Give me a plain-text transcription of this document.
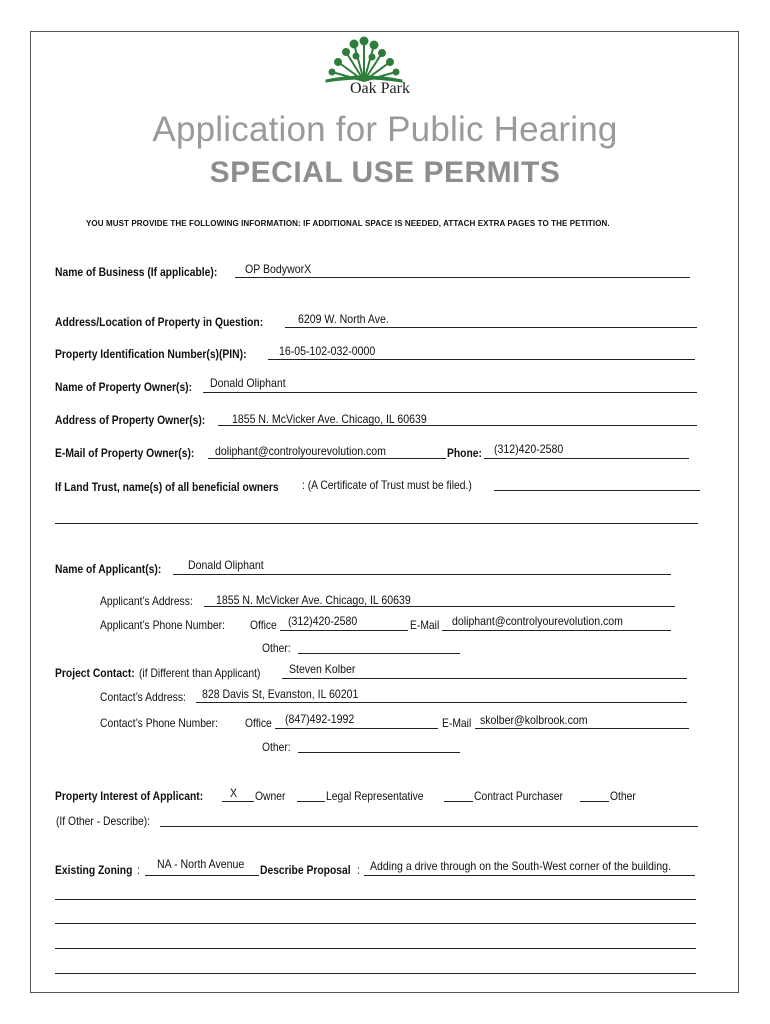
Oak Park
Application for Public Hearing
SPECIAL USE PERMITS
YOU MUST PROVIDE THE FOLLOWING INFORMATION: IF ADDITIONAL SPACE IS NEEDED, ATTACH EXTRA PAGES TO THE PETITION.
Name of Business (If applicable): OP BodyworX
Address/Location of Property in Question:	6209 W. North Ave.
Property Identification Number(s)(PIN):	16-05-102-032-0000
Name of Property Owner(s): Donald Oliphant
Address of Property Owner(s): 1855 N. McVicker Ave. Chicago, IL 60639
E-Mail of Property Owner(s): doliphant@controlyourevolution.com	Phone: (312)420-2580
If Land Trust, name(s) of all beneficial owners	: (A Certificate of Trust must be filed.)
Name of Applicant(s): Donald Oliphant
Applicant’s Address: 1855 N. McVicker Ave. Chicago, IL 60639
Applicant’s Phone Number: Office (312)420-2580	E-Mail doliphant@controlyourevolution.com
Other:
Project Contact: (if Different than Applicant) Steven Kolber
Contact’s Address: 828 Davis St, Evanston, IL 60201
Contact’s Phone Number: Office (847)492-1992	E-Mail skolber@kolbrook.com
Other:
Property Interest of Applicant: X Owner	Legal Representative	Contract Purchaser	Other
(If Other - Describe):
Existing Zoning : NA - North Avenue Describe Proposal : Adding a drive through on the South-West corner of the building.
